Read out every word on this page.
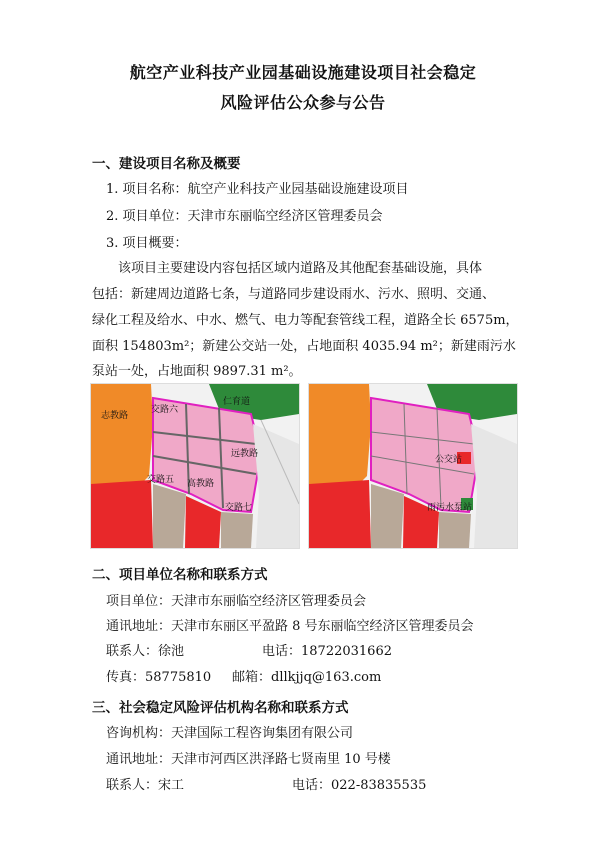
航空产业科技产业园基础设施建设项目社会稳定
风险评估公众参与公告
一、建设项目名称及概要
1. 项目名称：航空产业科技产业园基础设施建设项目
2. 项目单位：天津市东丽临空经济区管理委员会
3. 项目概要：
该项目主要建设内容包括区域内道路及其他配套基础设施，具体
包括：新建周边道路七条，与道路同步建设雨水、污水、照明、交通、
绿化工程及给水、中水、燃气、电力等配套管线工程，道路全长 6575m，
面积 154803m²；新建公交站一处，占地面积 4035.94 m²；新建雨污水
泵站一处，占地面积 9897.31 m²。
志教路
交路六
仁育道
远教路
交路五 高教路
交路七
公交站
雨污水泵站
二、项目单位名称和联系方式
项目单位：天津市东丽临空经济区管理委员会
通讯地址：天津市东丽区平盈路 8 号东丽临空经济区管理委员会
联系人：徐池	电话：18722031662
传真：58775810 邮箱：dllkjjq@163.com
三、社会稳定风险评估机构名称和联系方式
咨询机构：天津国际工程咨询集团有限公司
通讯地址：天津市河西区洪泽路七贤南里 10 号楼
联系人：宋工	电话：022-83835535
